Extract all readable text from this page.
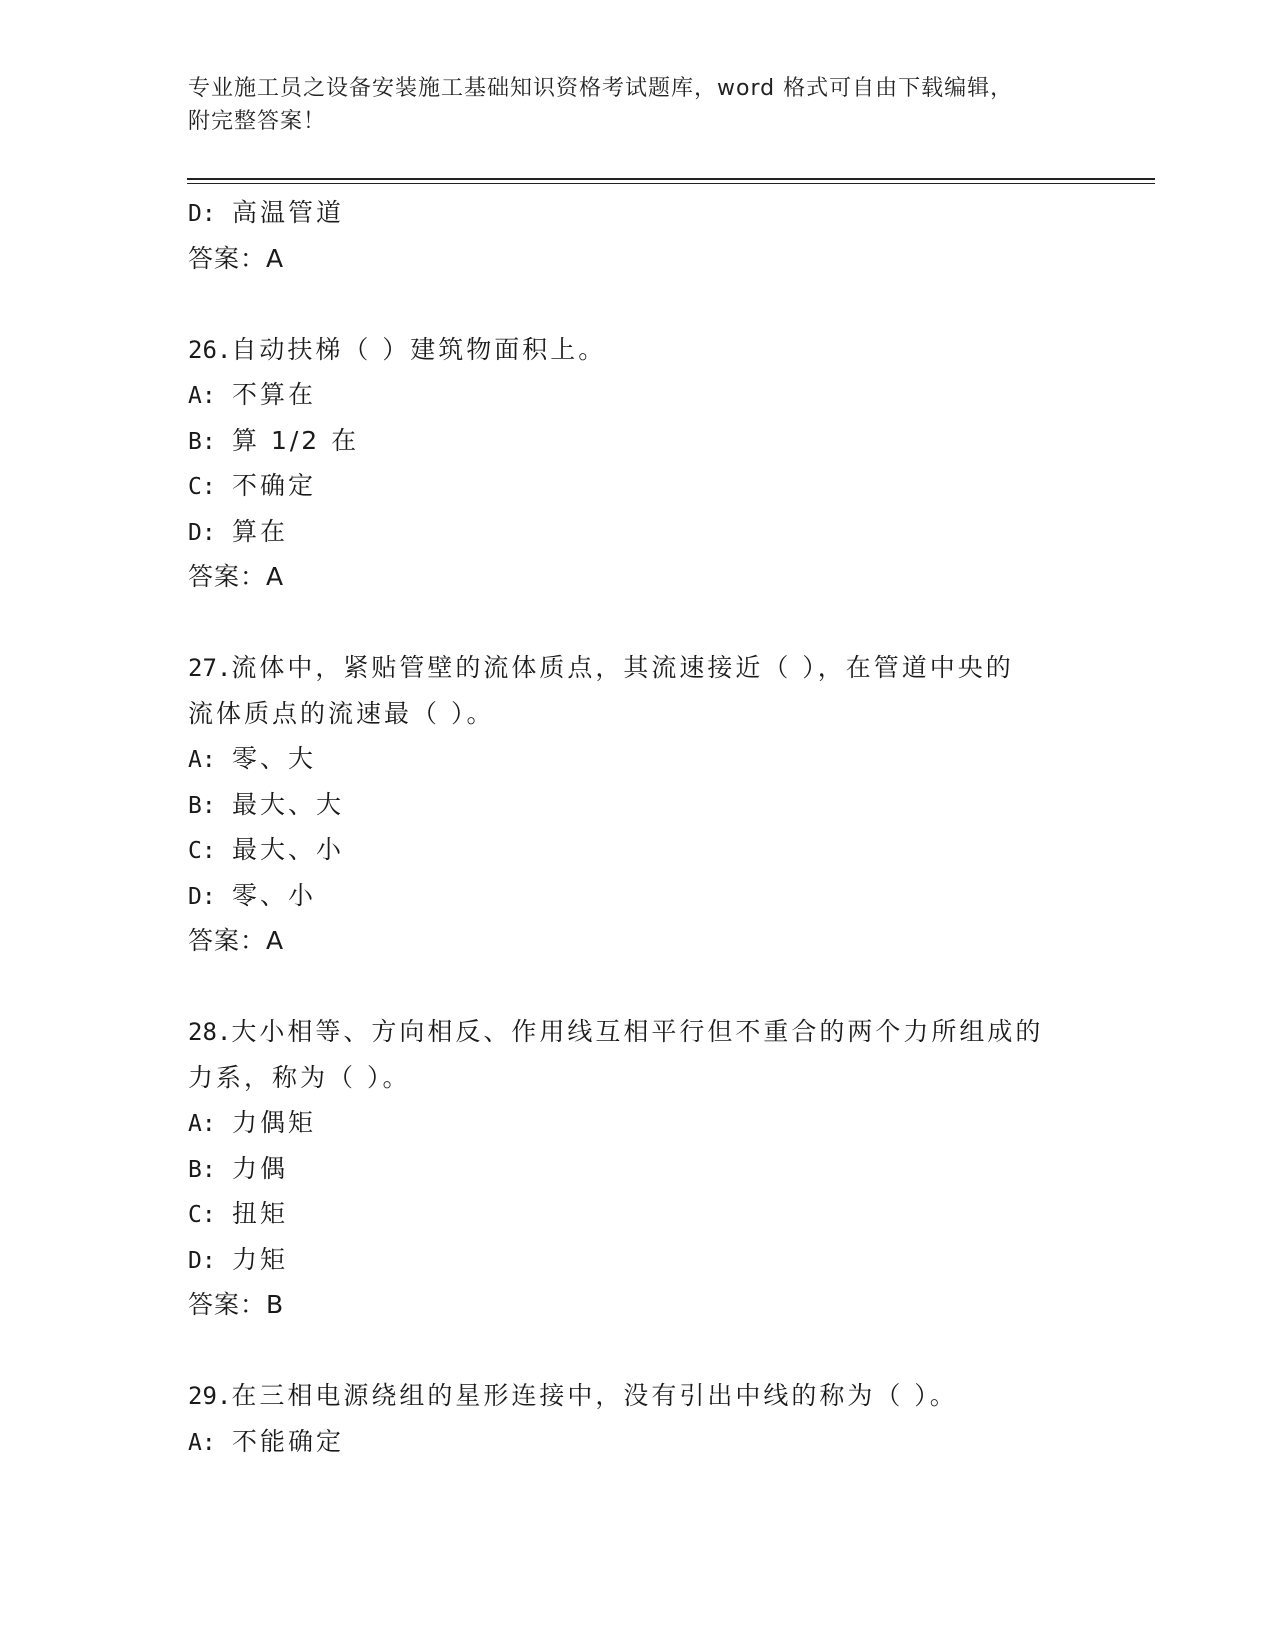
专业施工员之设备安装施工基础知识资格考试题库，word 格式可自由下载编辑，
附完整答案！
D: 高温管道
答案：A
26.自动扶梯（ ）建筑物面积上。
A: 不算在
B: 算 1/2 在
C: 不确定
D: 算在
答案：A
27.流体中，紧贴管壁的流体质点，其流速接近（ ），在管道中央的
流体质点的流速最（ ）。
A: 零、大
B: 最大、大
C: 最大、小
D: 零、小
答案：A
28.大小相等、方向相反、作用线互相平行但不重合的两个力所组成的
力系，称为（ ）。
A: 力偶矩
B: 力偶
C: 扭矩
D: 力矩
答案：B
29.在三相电源绕组的星形连接中，没有引出中线的称为（ ）。
A: 不能确定
